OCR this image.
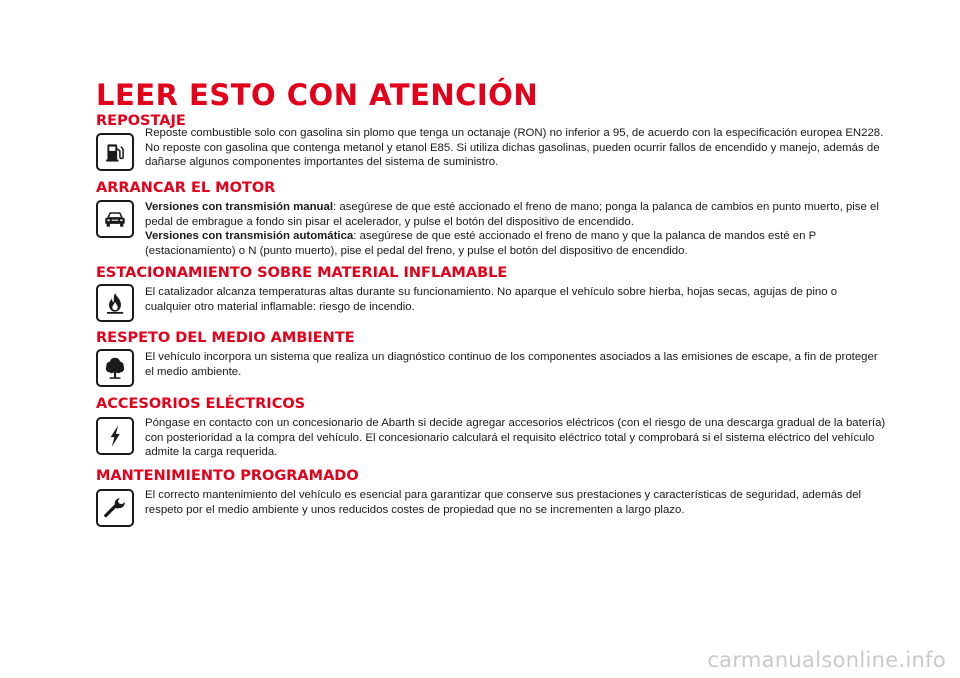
LEER ESTO CON ATENCIÓN
REPOSTAJE

Reposte combustible solo con gasolina sin plomo que tenga un octanaje (RON) no inferior a 95, de acuerdo con la especificación europea EN228. No reposte con gasolina que contenga metanol y etanol E85. Si utiliza dichas gasolinas, pueden ocurrir fallos de encendido y manejo, además de dañarse algunos componentes importantes del sistema de suministro.

ARRANCAR EL MOTOR

Versiones con transmisión manual: asegúrese de que esté accionado el freno de mano; ponga la palanca de cambios en punto muerto, pise el pedal de embrague a fondo sin pisar el acelerador, y pulse el botón del dispositivo de encendido.

Versiones con transmisión automática: asegúrese de que esté accionado el freno de mano y que la palanca de mandos esté en P (estacionamiento) o N (punto muerto), pise el pedal del freno, y pulse el botón del dispositivo de encendido.

ESTACIONAMIENTO SOBRE MATERIAL INFLAMABLE

El catalizador alcanza temperaturas altas durante su funcionamiento. No aparque el vehículo sobre hierba, hojas secas, agujas de pino o cualquier otro material inflamable: riesgo de incendio.

RESPETO DEL MEDIO AMBIENTE

El vehículo incorpora un sistema que realiza un diagnóstico continuo de los componentes asociados a las emisiones de escape, a fin de proteger el medio ambiente.

ACCESORIOS ELÉCTRICOS

Póngase en contacto con un concesionario de Abarth si decide agregar accesorios eléctricos (con el riesgo de una descarga gradual de la batería) con posterioridad a la compra del vehículo. El concesionario calculará el requisito eléctrico total y comprobará si el sistema eléctrico del vehículo admite la carga requerida.

MANTENIMIENTO PROGRAMADO

El correcto mantenimiento del vehículo es esencial para garantizar que conserve sus prestaciones y características de seguridad, además del respeto por el medio ambiente y unos reducidos costes de propiedad que no se incrementen a largo plazo.

carmanualsonline.info
